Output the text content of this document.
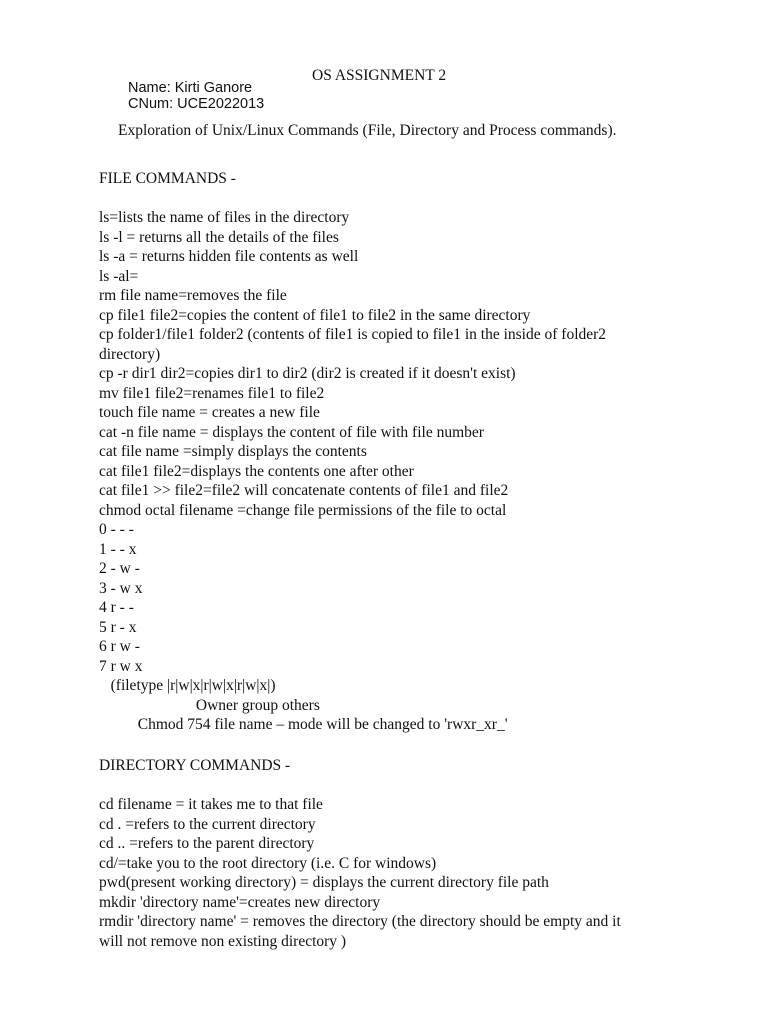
OS ASSIGNMENT 2
Name: Kirti Ganore
CNum: UCE2022013
Exploration of Unix/Linux Commands (File, Directory and Process commands).
FILE COMMANDS -
ls=lists the name of files in the directory
ls -l = returns all the details of the files
ls -a = returns hidden file contents as well
ls -al=
rm file name=removes the file
cp file1 file2=copies the content of file1 to file2 in the same directory
cp folder1/file1 folder2 (contents of file1 is copied to file1 in the inside of folder2
directory)
cp -r dir1 dir2=copies dir1 to dir2 (dir2 is created if it doesn't exist)
mv file1 file2=renames file1 to file2
touch file name = creates a new file
cat -n file name = displays the content of file with file number
cat file name =simply displays the contents
cat file1 file2=displays the contents one after other
cat file1 >> file2=file2 will concatenate contents of file1 and file2
chmod octal filename =change file permissions of the file to octal
0 - - -
1 - - x
2 - w -
3 - w x
4 r - -
5 r - x
6 r w -
7 r w x
(filetype |r|w|x|r|w|x|r|w|x|)
Owner group others
Chmod 754 file name – mode will be changed to 'rwxr_xr_'
DIRECTORY COMMANDS -
cd filename = it takes me to that file
cd . =refers to the current directory
cd .. =refers to the parent directory
cd/=take you to the root directory (i.e. C for windows)
pwd(present working directory) = displays the current directory file path
mkdir 'directory name'=creates new directory
rmdir 'directory name' = removes the directory (the directory should be empty and it
will not remove non existing directory )
